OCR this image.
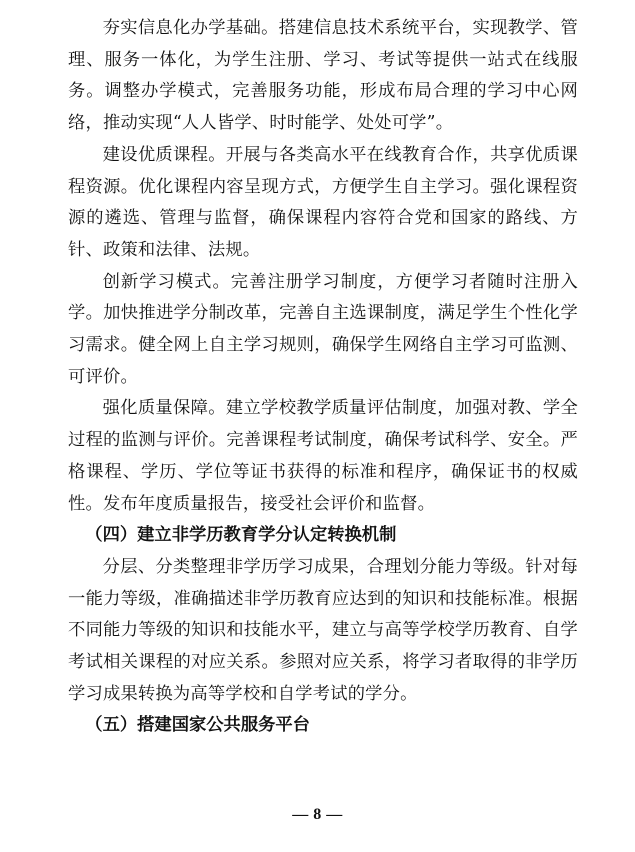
夯实信息化办学基础。搭建信息技术系统平台，实现教学、管理、服务一体化，为学生注册、学习、考试等提供一站式在线服务。调整办学模式，完善服务功能，形成布局合理的学习中心网络，推动实现“人人皆学、时时能学、处处可学”。

建设优质课程。开展与各类高水平在线教育合作，共享优质课程资源。优化课程内容呈现方式，方便学生自主学习。强化课程资源的遴选、管理与监督，确保课程内容符合党和国家的路线、方针、政策和法律、法规。

创新学习模式。完善注册学习制度，方便学习者随时注册入学。加快推进学分制改革，完善自主选课制度，满足学生个性化学习需求。健全网上自主学习规则，确保学生网络自主学习可监测、可评价。

强化质量保障。建立学校教学质量评估制度，加强对教、学全过程的监测与评价。完善课程考试制度，确保考试科学、安全。严格课程、学历、学位等证书获得的标准和程序，确保证书的权威性。发布年度质量报告，接受社会评价和监督。

（四）建立非学历教育学分认定转换机制

分层、分类整理非学历学习成果，合理划分能力等级。针对每一能力等级，准确描述非学历教育应达到的知识和技能标准。根据不同能力等级的知识和技能水平，建立与高等学校学历教育、自学考试相关课程的对应关系。参照对应关系，将学习者取得的非学历学习成果转换为高等学校和自学考试的学分。

（五）搭建国家公共服务平台

— 8 —
